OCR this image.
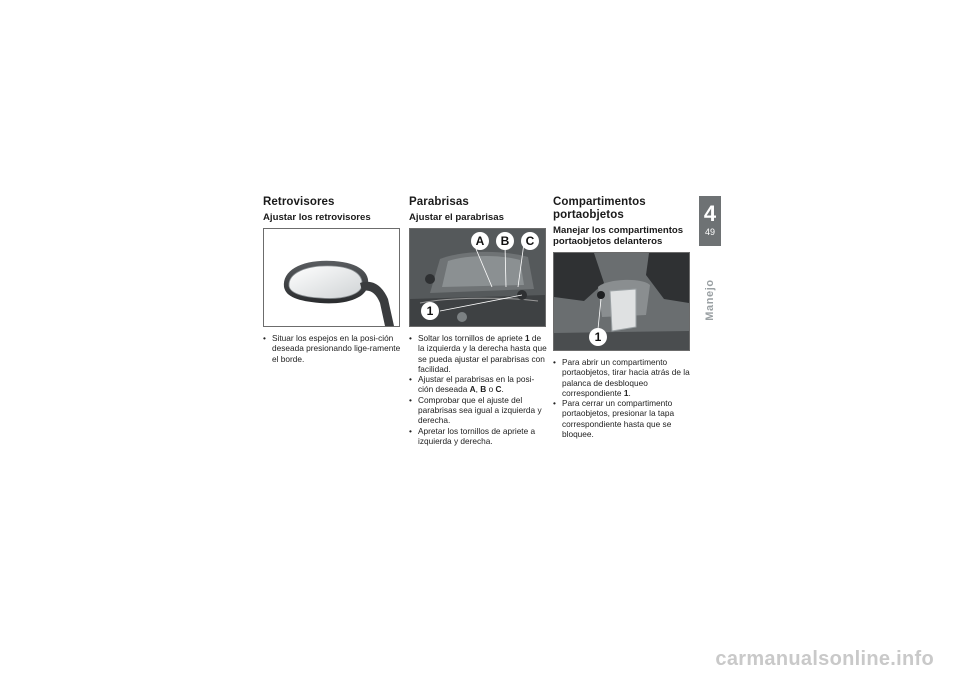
Retrovisores
Ajustar los retrovisores
• Situar los espejos en la posi-ción deseada presionando lige-ramente el borde.
Parabrisas
Ajustar el parabrisas
A B C
1
• Soltar los tornillos de apriete 1 de la izquierda y la derecha hasta que se pueda ajustar el parabrisas con facilidad.
• Ajustar el parabrisas en la posi-ción deseada A, B o C.
• Comprobar que el ajuste del parabrisas sea igual a izquierda y derecha.
• Apretar los tornillos de apriete a izquierda y derecha.
Compartimentos portaobjetos
Manejar los compartimentos portaobjetos delanteros
1
• Para abrir un compartimento portaobjetos, tirar hacia atrás de la palanca de desbloqueo correspondiente 1.
• Para cerrar un compartimento portaobjetos, presionar la tapa correspondiente hasta que se bloquee.
4
49
Manejo
carmanualsonline.info
